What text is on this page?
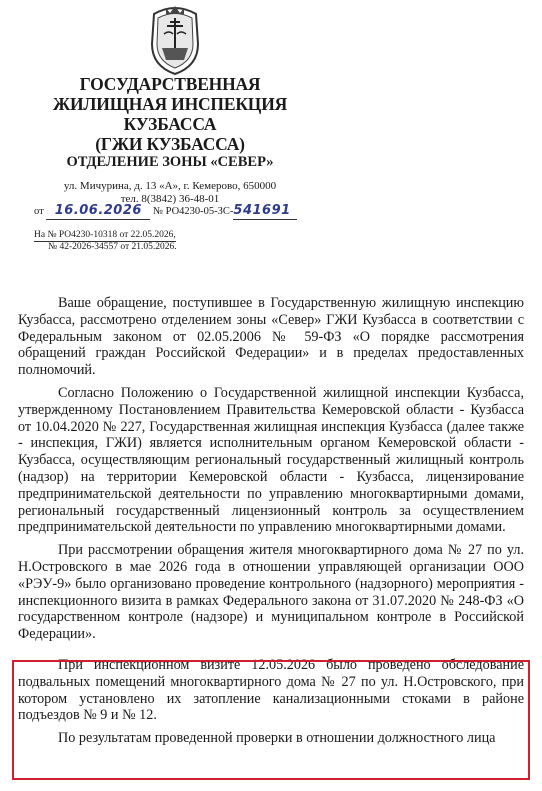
ГОСУДАРСТВЕННАЯ
ЖИЛИЩНАЯ ИНСПЕКЦИЯ
КУЗБАССА
(ГЖИ КУЗБАССА)
ОТДЕЛЕНИЕ ЗОНЫ «СЕВЕР»
ул. Мичурина, д. 13 «А», г. Кемерово, 650000
тел. 8(3842) 36-48-01
от 16.06.2026 № РО4230-05-ЗС-541691
На № РО4230-10318 от 22.05.2026,
№ 42-2026-34557 от 21.05.2026.

Ваше обращение, поступившее в Государственную жилищную инспекцию Кузбасса, рассмотрено отделением зоны «Север» ГЖИ Кузбасса в соответствии с Федеральным законом от 02.05.2006 № 59-ФЗ «О порядке рассмотрения обращений граждан Российской Федерации» и в пределах предоставленных полномочий.

Согласно Положению о Государственной жилищной инспекции Кузбасса, утвержденному Постановлением Правительства Кемеровской области - Кузбасса от 10.04.2020 № 227, Государственная жилищная инспекция Кузбасса (далее также - инспекция, ГЖИ) является исполнительным органом Кемеровской области - Кузбасса, осуществляющим региональный государственный жилищный контроль (надзор) на территории Кемеровской области - Кузбасса, лицензирование предпринимательской деятельности по управлению многоквартирными домами, региональный государственный лицензионный контроль за осуществлением предпринимательской деятельности по управлению многоквартирными домами.

При рассмотрении обращения жителя многоквартирного дома № 27 по ул. Н.Островского в мае 2026 года в отношении управляющей организации ООО «РЭУ-9» было организовано проведение контрольного (надзорного) мероприятия - инспекционного визита в рамках Федерального закона от 31.07.2020 № 248-ФЗ «О государственном контроле (надзоре) и муниципальном контроле в Российской Федерации».

При инспекционном визите 12.05.2026 было проведено обследование подвальных помещений многоквартирного дома № 27 по ул. Н.Островского, при котором установлено их затопление канализационными стоками в районе подъездов № 9 и № 12.

По результатам проведенной проверки в отношении должностного лица
